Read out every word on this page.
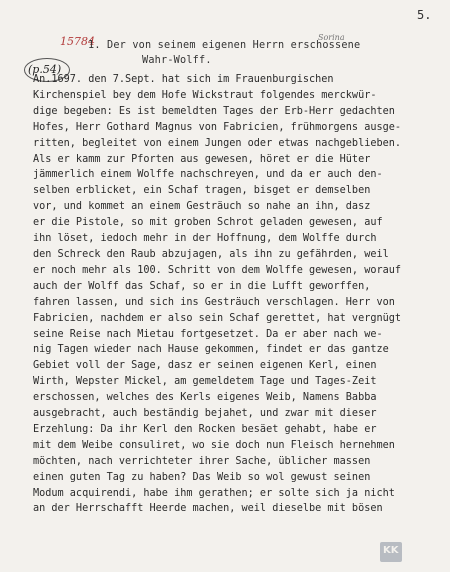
5.
15784
(p.54)
Sorina
1. Der von seinem eigenen Herrn erschossene
Wahr-Wolff.
An.1697. den 7.Sept. hat sich im Frauenburgischen
Kirchenspiel bey dem Hofe Wickstraut folgendes merckwür-
dige begeben: Es ist bemeldten Tages der Erb-Herr gedachten
Hofes, Herr Gothard Magnus von Fabricien, frühmorgens ausge-
ritten, begleitet von einem Jungen oder etwas nachgeblieben.
Als er kamm zur Pforten aus gewesen, höret er die Hüter
jämmerlich einem Wolffe nachschreyen, und da er auch den-
selben erblicket, ein Schaf tragen, bisget er demselben
vor, und kommet an einem Gesträuch so nahe an ihn, dasz
er die Pistole, so mit groben Schrot geladen gewesen, auf
ihn löset, iedoch mehr in der Hoffnung, dem Wolffe durch
den Schreck den Raub abzujagen, als ihn zu gefährden, weil
er noch mehr als 100. Schritt von dem Wolffe gewesen, worauf
auch der Wolff das Schaf, so er in die Lufft geworffen,
fahren lassen, und sich ins Gesträuch verschlagen. Herr von
Fabricien, nachdem er also sein Schaf gerettet, hat vergnügt
seine Reise nach Mietau fortgesetzet. Da er aber nach we-
nig Tagen wieder nach Hause gekommen, findet er das gantze
Gebiet voll der Sage, dasz er seinen eigenen Kerl, einen
Wirth, Wepster Mickel, am gemeldetem Tage und Tages-Zeit
erschossen, welches des Kerls eigenes Weib, Namens Babba
ausgebracht, auch beständig bejahet, und zwar mit dieser
Erzehlung: Da ihr Kerl den Rocken besäet gehabt, habe er
mit dem Weibe consuliret, wo sie doch nun Fleisch hernehmen
möchten, nach verrichteter ihrer Sache, üblicher massen
einen guten Tag zu haben? Das Weib so wol gewust seinen
Modum acquirendi, habe ihm gerathen; er solte sich ja nicht
an der Herrschafft Heerde machen, weil dieselbe mit bösen
KK
